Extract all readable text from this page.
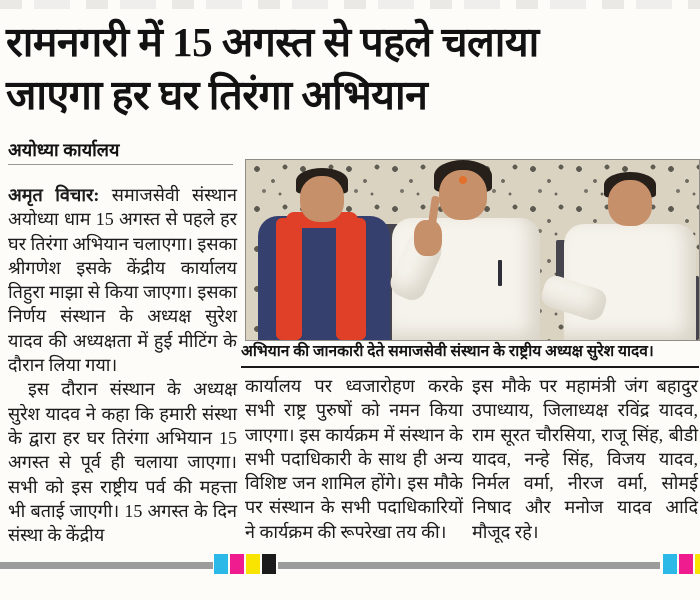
रामनगरी में 15 अगस्त से पहले चलाया
जाएगा हर घर तिरंगा अभियान
अयोध्या कार्यालय

अमृत विचार: समाजसेवी संस्थान अयोध्या धाम 15 अगस्त से पहले हर घर तिरंगा अभियान चलाएगा। इसका श्रीगणेश इसके केंद्रीय कार्यालय तिहुरा माझा से किया जाएगा। इसका निर्णय संस्थान के अध्यक्ष सुरेश यादव की अध्यक्षता में हुई मीटिंग के दौरान लिया गया।

इस दौरान संस्थान के अध्यक्ष सुरेश यादव ने कहा कि हमारी संस्था के द्वारा हर घर तिरंगा अभियान 15 अगस्त से पूर्व ही चलाया जाएगा। सभी को इस राष्ट्रीय पर्व की महत्ता भी बताई जाएगी। 15 अगस्त के दिन संस्था के केंद्रीय

अभियान की जानकारी देते समाजसेवी संस्थान के राष्ट्रीय अध्यक्ष सुरेश यादव।

कार्यालय पर ध्वजारोहण करके सभी राष्ट्र पुरुषों को नमन किया जाएगा। इस कार्यक्रम में संस्थान के सभी पदाधिकारी के साथ ही अन्य विशिष्ट जन शामिल होंगे। इस मौके पर संस्थान के सभी पदाधिकारियों ने कार्यक्रम की रूपरेखा तय की।

इस मौके पर महामंत्री जंग बहादुर उपाध्याय, जिलाध्यक्ष रविंद्र यादव, राम सूरत चौरसिया, राजू सिंह, बीडी यादव, नन्हे सिंह, विजय यादव, निर्मल वर्मा, नीरज वर्मा, सोमई निषाद और मनोज यादव आदि मौजूद रहे।
